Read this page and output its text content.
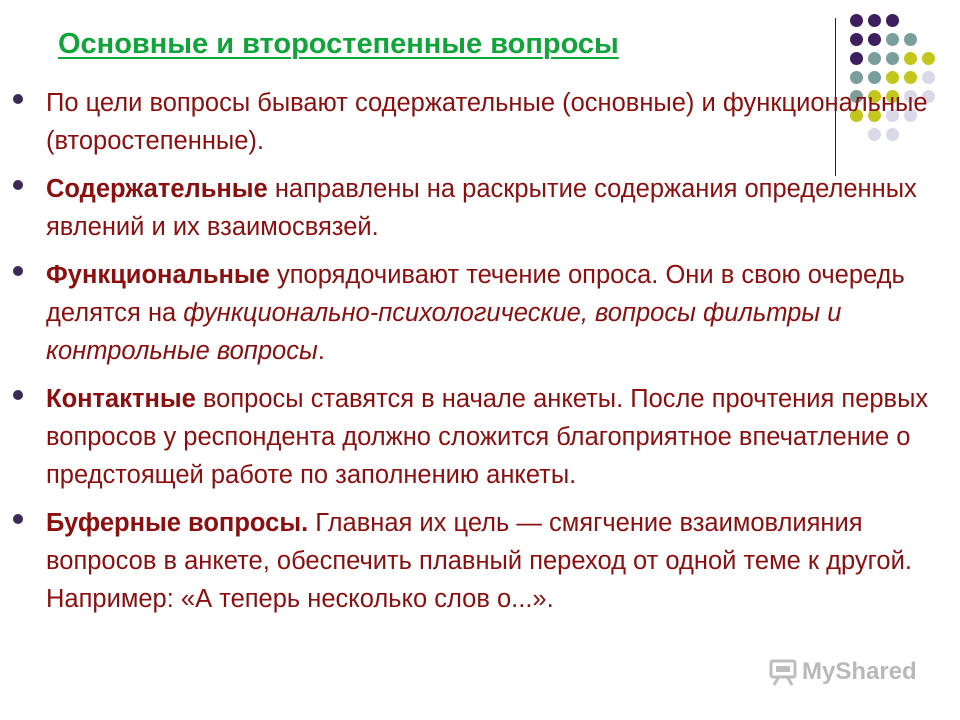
Основные и второстепенные вопросы
По цели вопросы бывают содержательные (основные) и функциональные (второстепенные).
Содержательные направлены на раскрытие содержания определенных явлений и их взаимосвязей.
Функциональные упорядочивают течение опроса. Они в свою очередь делятся на функционально-психологические, вопросы фильтры и контрольные вопросы.
Контактные вопросы ставятся в начале анкеты. После прочтения первых вопросов у респондента должно сложится благоприятное впечатление о предстоящей работе по заполнению анкеты.
Буферные вопросы. Главная их цель — смягчение взаимовлияния вопросов в анкете, обеспечить плавный переход от одной теме к другой. Например: «А теперь несколько слов о...».
MyShared
